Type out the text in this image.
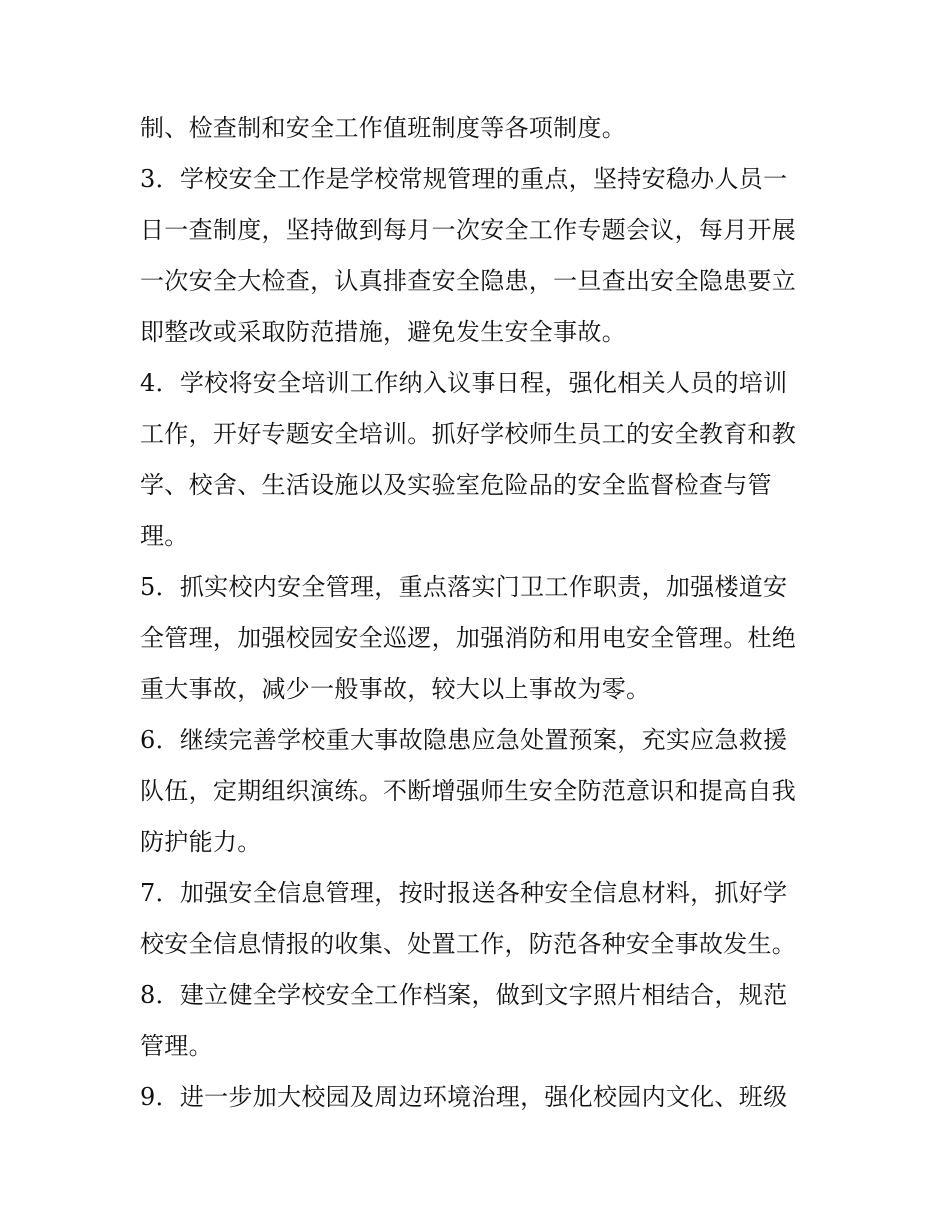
制、检查制和安全工作值班制度等各项制度。
3．学校安全工作是学校常规管理的重点，坚持安稳办人员一
日一查制度，坚持做到每月一次安全工作专题会议，每月开展
一次安全大检查，认真排查安全隐患，一旦查出安全隐患要立
即整改或采取防范措施，避免发生安全事故。
4．学校将安全培训工作纳入议事日程，强化相关人员的培训
工作，开好专题安全培训。抓好学校师生员工的安全教育和教
学、校舍、生活设施以及实验室危险品的安全监督检查与管
理。
5．抓实校内安全管理，重点落实门卫工作职责，加强楼道安
全管理，加强校园安全巡逻，加强消防和用电安全管理。杜绝
重大事故，减少一般事故，较大以上事故为零。
6．继续完善学校重大事故隐患应急处置预案，充实应急救援
队伍，定期组织演练。不断增强师生安全防范意识和提高自我
防护能力。
7．加强安全信息管理，按时报送各种安全信息材料，抓好学
校安全信息情报的收集、处置工作，防范各种安全事故发生。
8．建立健全学校安全工作档案，做到文字照片相结合，规范
管理。
9．进一步加大校园及周边环境治理，强化校园内文化、班级
